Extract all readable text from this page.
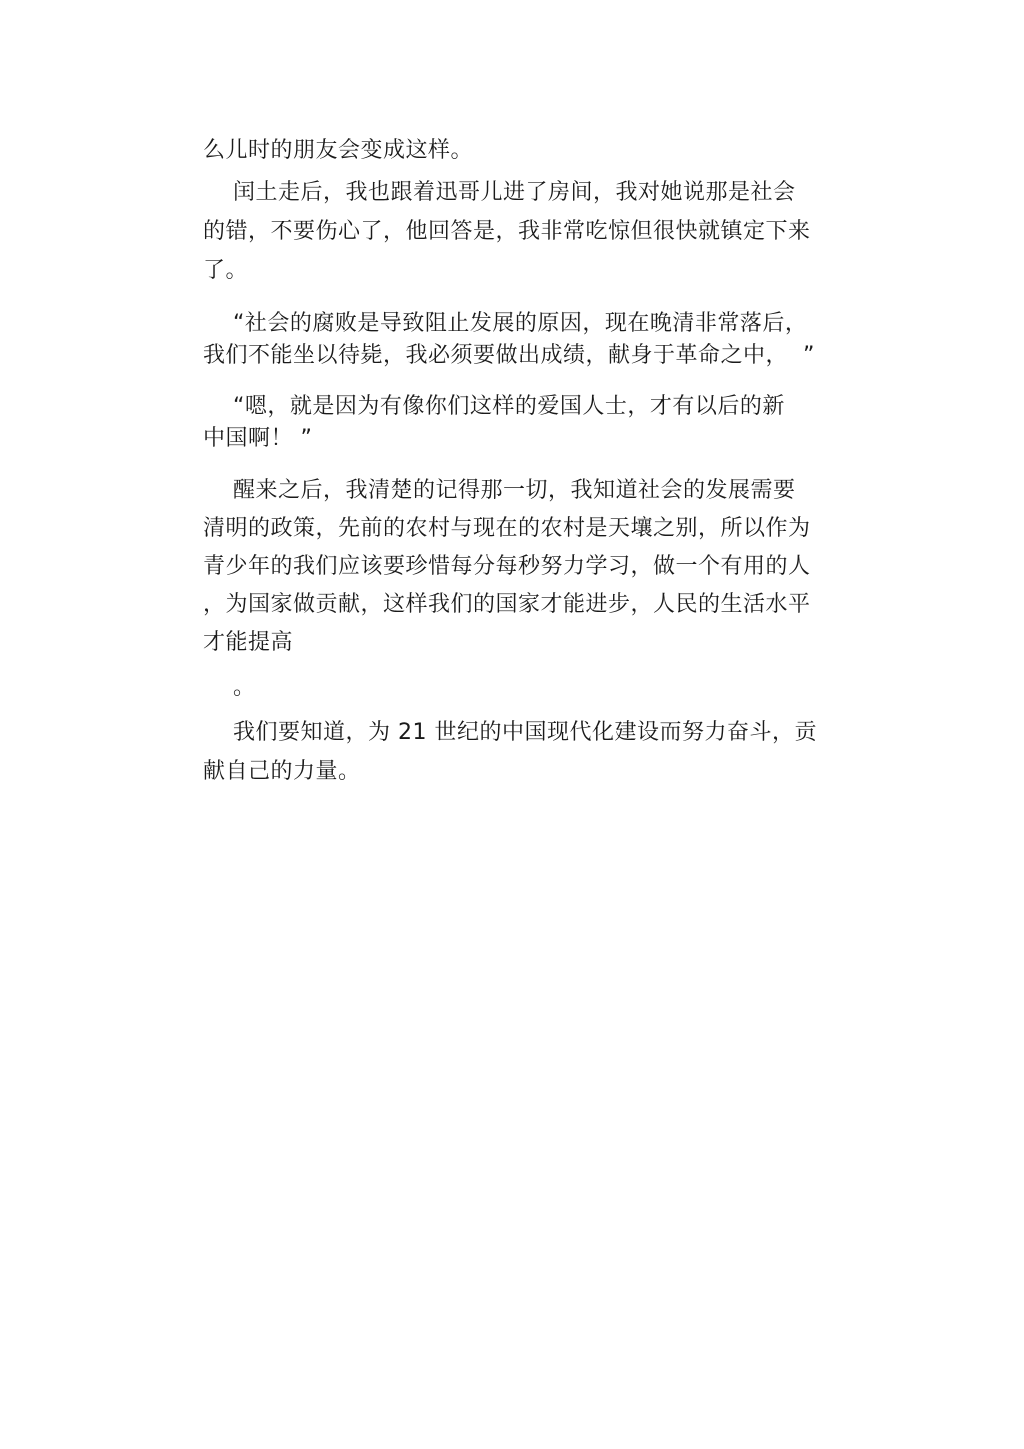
么儿时的朋友会变成这样。
闰土走后，我也跟着迅哥儿进了房间，我对她说那是社会
的错，不要伤心了，他回答是，我非常吃惊但很快就镇定下来
了。
“社会的腐败是导致阻止发展的原因，现在晚清非常落后，
我们不能坐以待毙，我必须要做出成绩，献身于革命之中，  ”
“嗯，就是因为有像你们这样的爱国人士，才有以后的新
中国啊！ ”
醒来之后，我清楚的记得那一切，我知道社会的发展需要
清明的政策，先前的农村与现在的农村是天壤之别，所以作为
青少年的我们应该要珍惜每分每秒努力学习，做一个有用的人
，为国家做贡献，这样我们的国家才能进步，人民的生活水平
才能提高
。
我们要知道，为 21 世纪的中国现代化建设而努力奋斗，贡
献自己的力量。
